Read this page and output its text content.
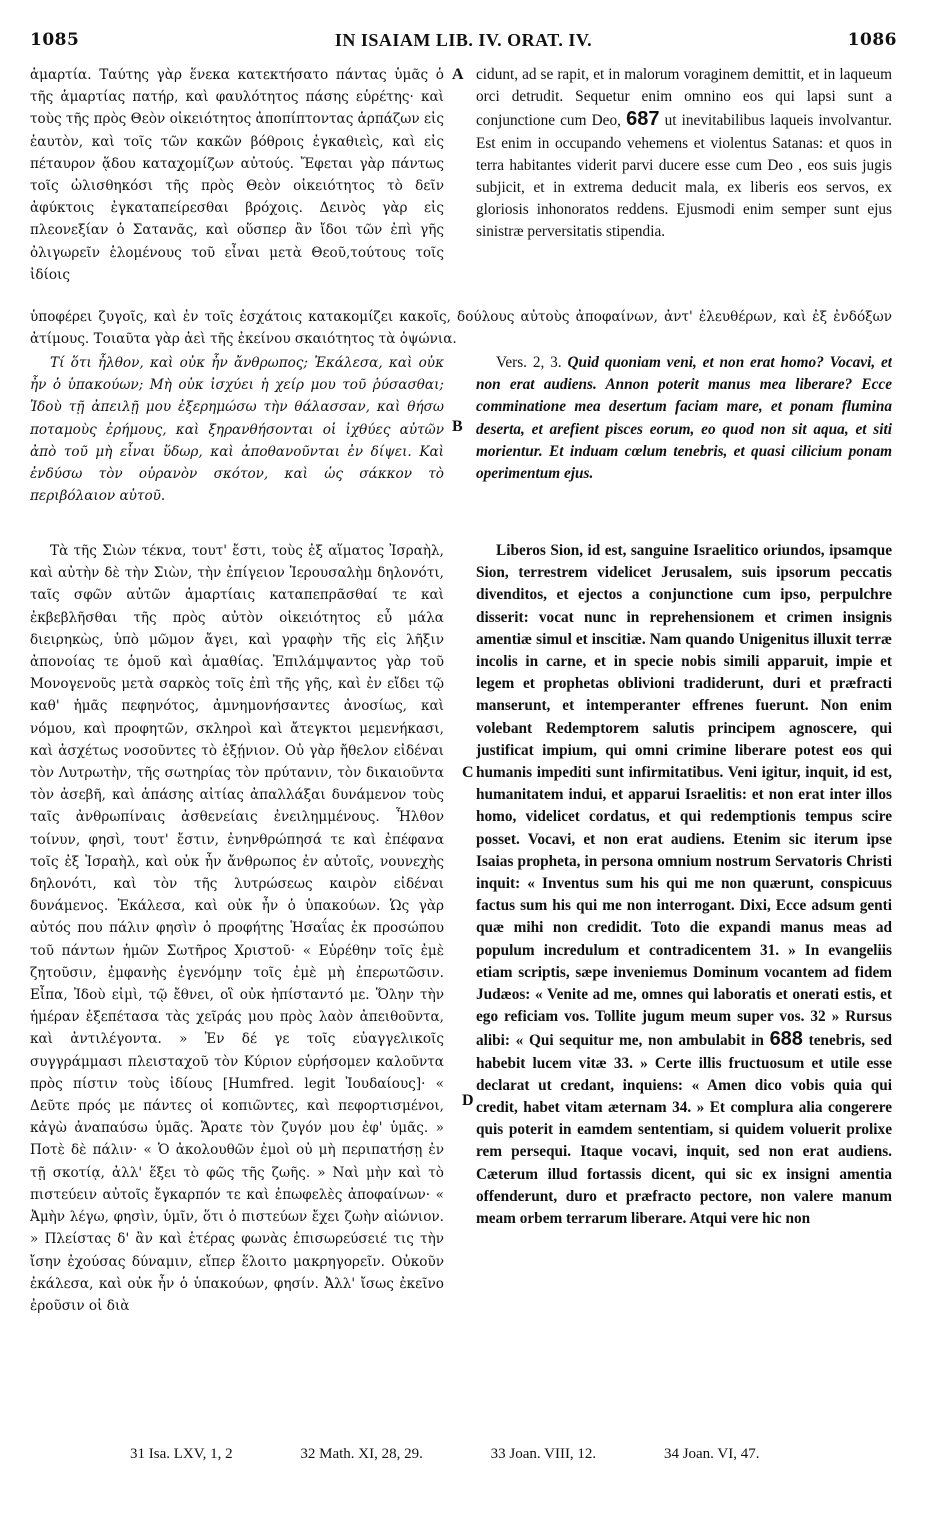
1085	IN ISAIAM LIB. IV. ORAT. IV.	1086

ἁμαρτία. Ταύτης γὰρ ἕνεκα κατεκτήσατο πάντας ὑμᾶς ὁ τῆς ἁμαρτίας πατήρ, καὶ φαυλότητος πάσης εὑρέτης· καὶ τοὺς τῆς πρὸς Θεὸν οἰκειότητος ἀποπίπτοντας ἁρπάζων εἰς ἑαυτὸν, καὶ τοῖς τῶν κακῶν βόθροις ἐγκαθιεὶς, καὶ εἰς πέταυρον ᾅδου καταχομίζων αὐτούς. Ἔφεται γὰρ πάντως τοῖς ὠλισθηκόσι τῆς πρὸς Θεὸν οἰκειότητος τὸ δεῖν ἀφύκτοις ἐγκαταπείρεσθαι βρόχοις. Δεινὸς γὰρ εἰς πλεονεξίαν ὁ Σατανᾶς, καὶ οὕσπερ ἂν ἴδοι τῶν ἐπὶ γῆς ὀλιγωρεῖν ἑλομένους τοῦ εἶναι μετὰ Θεοῦ,τούτους τοῖς ἰδίοις

A cidunt, ad se rapit, et in malorum voraginem demittit, et in laqueum orci detrudit. Sequetur enim omnino eos qui lapsi sunt a conjunctione cum Deo, 687 ut inevitabilibus laqueis involvantur. Est enim in occupando vehemens et violentus Satanas: et quos in terra habitantes viderit parvi ducere esse cum Deo , eos suis jugis subjicit, et in extrema deducit mala, ex liberis eos servos, ex gloriosis inhonoratos reddens. Ejusmodi enim semper sunt ejus sinistræ perversitatis stipendia.

ὑποφέρει ζυγοῖς, καὶ ἐν τοῖς ἐσχάτοις κατακομίζει κακοῖς, δούλους αὐτοὺς ἀποφαίνων, ἀντ' ἐλευθέρων, καὶ ἐξ ἐνδόξων ἀτίμους. Τοιαῦτα γὰρ ἀεὶ τῆς ἐκείνου σκαιότητος τὰ ὀψώνια.

Τί ὅτι ἦλθον, καὶ οὐκ ἦν ἄνθρωπος; Ἐκάλεσα, καὶ οὐκ ἦν ὁ ὑπακούων; Μὴ οὐκ ἰσχύει ἡ χείρ μου τοῦ ῥύσασθαι; Ἰδοὺ τῇ ἀπειλῇ μου ἐξερημώσω τὴν θάλασσαν, καὶ θήσω ποταμοὺς ἐρήμους, καὶ ξηρανθήσονται οἱ ἰχθύες αὐτῶν ἀπὸ τοῦ μὴ εἶναι ὕδωρ, καὶ ἀποθανοῦνται ἐν δίψει. Καὶ ἐνδύσω τὸν οὐρανὸν σκότον, καὶ ὡς σάκκον τὸ περιβόλαιον αὐτοῦ.

B

Vers. 2, 3. Quid quoniam veni, et non erat homo? Vocavi, et non erat audiens. Annon poterit manus mea liberare? Ecce comminatione mea desertum faciam mare, et ponam flumina deserta, et arefient pisces eorum, eo quod non sit aqua, et siti morientur. Et induam cœlum tenebris, et quasi cilicium ponam operimentum ejus.

Τὰ τῆς Σιὼν τέκνα, τουτ' ἔστι, τοὺς ἐξ αἵματος Ἰσραὴλ, καὶ αὐτὴν δὲ τὴν Σιὼν, τὴν ἐπίγειον Ἱερουσαλὴμ δηλονότι, ταῖς σφῶν αὐτῶν ἁμαρτίαις καταπεπρᾶσθαί τε καὶ ἐκβεβλῆσθαι τῆς πρὸς αὐτὸν οἰκειότητος εὖ μάλα διειρηκὼς, ὑπὸ μῶμον ἄγει, καὶ γραφὴν τῆς εἰς λῆξιν ἀπονοίας τε ὁμοῦ καὶ ἀμαθίας. Ἐπιλάμψαντος γὰρ τοῦ Μονογενοῦς μετὰ σαρκὸς τοῖς ἐπὶ τῆς γῆς, καὶ ἐν εἴδει τῷ καθ' ἡμᾶς πεφηνότος, ἀμνημονήσαντες ἀνοσίως, καὶ νόμου, καὶ προφητῶν, σκληροὶ καὶ ἄτεγκτοι μεμενήκασι, καὶ ἀσχέτως νοσοῦντες τὸ ἐξῄνιον. Οὐ γὰρ ἤθελον εἰδέναι τὸν Λυτρωτὴν, τῆς σωτηρίας τὸν πρύτανιν, τὸν δικαιοῦντα τὸν ἀσεβῆ, καὶ ἁπάσης αἰτίας ἀπαλλάξαι δυνάμενον τοὺς ταῖς ἀνθρωπίναις ἀσθενείαις ἐνειλημμένους. Ἦλθον τοίνυν, φησὶ, τουτ' ἔστιν, ἐνηνθρώπησά τε καὶ ἐπέφανα τοῖς ἐξ Ἰσραὴλ, καὶ οὐκ ἦν ἄνθρωπος ἐν αὐτοῖς, νουνεχὴς δηλονότι, καὶ τὸν τῆς λυτρώσεως καιρὸν εἰδέναι δυνάμενος. Ἐκάλεσα, καὶ οὐκ ἦν ὁ ὑπακούων. Ὡς γὰρ αὐτός που πάλιν φησὶν ὁ προφήτης Ἡσαΐας ἐκ προσώπου τοῦ πάντων ἡμῶν Σωτῆρος Χριστοῦ· « Εὑρέθην τοῖς ἐμὲ ζητοῦσιν, ἐμφανὴς ἐγενόμην τοῖς ἐμὲ μὴ ἐπερωτῶσιν. Εἶπα, Ἰδοὺ εἰμὶ, τῷ ἔθνει, οἳ οὐκ ἠπίσταντό με. Ὅλην τὴν ἡμέραν ἐξεπέτασα τὰς χεῖράς μου πρὸς λαὸν ἀπειθοῦντα, καὶ ἀντιλέγοντα. » Ἐν δέ γε τοῖς εὐαγγελικοῖς συγγράμμασι πλεισταχοῦ τὸν Κύριον εὑρήσομεν καλοῦντα πρὸς πίστιν τοὺς ἰδίους [Humfred. legit Ἰουδαίους]· « Δεῦτε πρός με πάντες οἱ κοπιῶντες, καὶ πεφορτισμένοι, κἀγὼ ἀναπαύσω ὑμᾶς. Ἄρατε τὸν ζυγόν μου ἐφ' ὑμᾶς. » Ποτὲ δὲ πάλιν· « Ὁ ἀκολουθῶν ἐμοὶ οὐ μὴ περιπατήσῃ ἐν τῇ σκοτίᾳ, ἀλλ' ἕξει τὸ φῶς τῆς ζωῆς. » Ναὶ μὴν καὶ τὸ πιστεύειν αὐτοῖς ἔγκαρπόν τε καὶ ἐπωφελὲς ἀποφαίνων· « Ἀμὴν λέγω, φησὶν, ὑμῖν, ὅτι ὁ πιστεύων ἔχει ζωὴν αἰώνιον. » Πλείστας δ' ἂν καὶ ἑτέρας φωνὰς ἐπισωρεύσειέ τις τὴν ἴσην ἐχούσας δύναμιν, εἴπερ ἕλοιτο μακρηγορεῖν. Οὐκοῦν ἐκάλεσα, καὶ οὐκ ἦν ὁ ὑπακούων, φησίν. Ἀλλ' ἴσως ἐκεῖνο ἐροῦσιν οἱ διὰ

C
D

Liberos Sion, id est, sanguine Israelitico oriundos, ipsamque Sion, terrestrem videlicet Jerusalem, suis ipsorum peccatis divenditos, et ejectos a conjunctione cum ipso, perpulchre disserit: vocat nunc in reprehensionem et crimen insignis amentiæ simul et inscitiæ. Nam quando Unigenitus illuxit terræ incolis in carne, et in specie nobis simili apparuit, impie et legem et prophetas oblivioni tradiderunt, duri et præfracti manserunt, et intemperanter effrenes fuerunt. Non enim volebant Redemptorem salutis principem agnoscere, qui justificat impium, qui omni crimine liberare potest eos qui humanis impediti sunt infirmitatibus. Veni igitur, inquit, id est, humanitatem indui, et apparui Israelitis: et non erat inter illos homo, videlicet cordatus, et qui redemptionis tempus scire posset. Vocavi, et non erat audiens. Etenim sic iterum ipse Isaias propheta, in persona omnium nostrum Servatoris Christi inquit: « Inventus sum his qui me non quærunt, conspicuus factus sum his qui me non interrogant. Dixi, Ecce adsum genti quæ mihi non credidit. Toto die expandi manus meas ad populum incredulum et contradicentem 31. » In evangeliis etiam scriptis, sæpe inveniemus Dominum vocantem ad fidem Judæos: « Venite ad me, omnes qui laboratis et onerati estis, et ego reficiam vos. Tollite jugum meum super vos. 32 » Rursus alibi: « Qui sequitur me, non ambulabit in 688 tenebris, sed habebit lucem vitæ 33. » Certe illis fructuosum et utile esse declarat ut credant, inquiens: « Amen dico vobis quia qui credit, habet vitam æternam 34. » Et complura alia congerere quis poterit in eamdem sententiam, si quidem voluerit prolixe rem persequi. Itaque vocavi, inquit, sed non erat audiens. Cæterum illud fortassis dicent, qui sic ex insigni amentia offenderunt, duro et præfracto pectore, non valere manum meam orbem terrarum liberare. Atqui vere hic non

31 Isa. LXV, 1, 2	32 Math. XI, 28, 29.	33 Joan. VIII, 12.	34 Joan. VI, 47.
